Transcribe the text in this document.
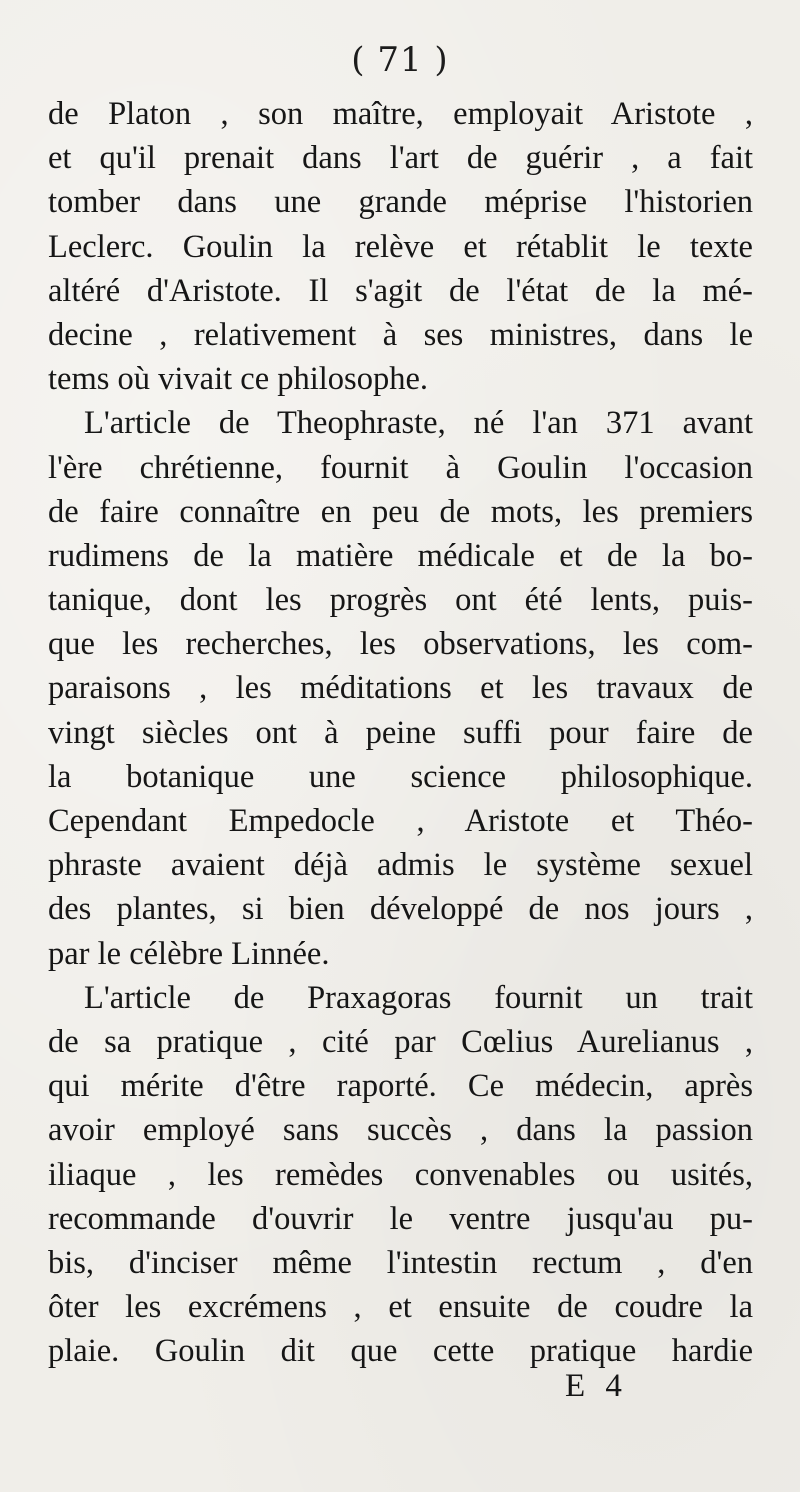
( 71 )
de Platon , son maître, employait Aristote ,
et qu'il prenait dans l'art de guérir , a fait
tomber dans une grande méprise l'historien
Leclerc. Goulin la relève et rétablit le texte
altéré d'Aristote. Il s'agit de l'état de la mé-
decine , relativement à ses ministres, dans le
tems où vivait ce philosophe.
L'article de Theophraste, né l'an 371 avant
l'ère chrétienne, fournit à Goulin l'occasion
de faire connaître en peu de mots, les premiers
rudimens de la matière médicale et de la bo-
tanique, dont les progrès ont été lents, puis-
que les recherches, les observations, les com-
paraisons , les méditations et les travaux de
vingt siècles ont à peine suffi pour faire de
la botanique une science philosophique.
Cependant Empedocle , Aristote et Théo-
phraste avaient déjà admis le système sexuel
des plantes, si bien développé de nos jours ,
par le célèbre Linnée.
L'article de Praxagoras fournit un trait
de sa pratique , cité par Cœlius Aurelianus ,
qui mérite d'être raporté. Ce médecin, après
avoir employé sans succès , dans la passion
iliaque , les remèdes convenables ou usités,
recommande d'ouvrir le ventre jusqu'au pu-
bis, d'inciser même l'intestin rectum , d'en
ôter les excrémens , et ensuite de coudre la
plaie. Goulin dit que cette pratique hardie
E 4
